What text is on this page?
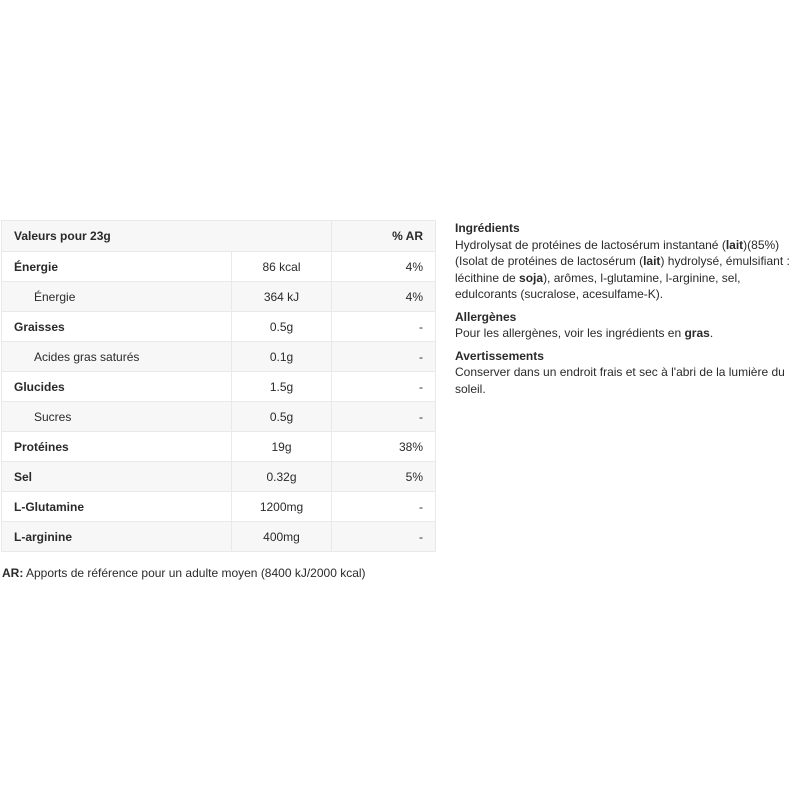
Valeurs pour 23g		% AR
Énergie	86 kcal	4%
Énergie	364 kJ	4%
Graisses	0.5g	-
Acides gras saturés	0.1g	-
Glucides	1.5g	-
Sucres	0.5g	-
Protéines	19g	38%
Sel	0.32g	5%
L-Glutamine	1200mg	-
L-arginine	400mg	-
AR: Apports de référence pour un adulte moyen (8400 kJ/2000 kcal)
Ingrédients

Hydrolysat de protéines de lactosérum instantané (lait)(85%)(Isolat de protéines de lactosérum (lait) hydrolysé, émulsifiant : lécithine de soja), arômes, l-glutamine, l-arginine, sel, edulcorants (sucralose, acesulfame-K).

Allergènes

Pour les allergènes, voir les ingrédients en gras.

Avertissements

Conserver dans un endroit frais et sec à l'abri de la lumière du soleil.
